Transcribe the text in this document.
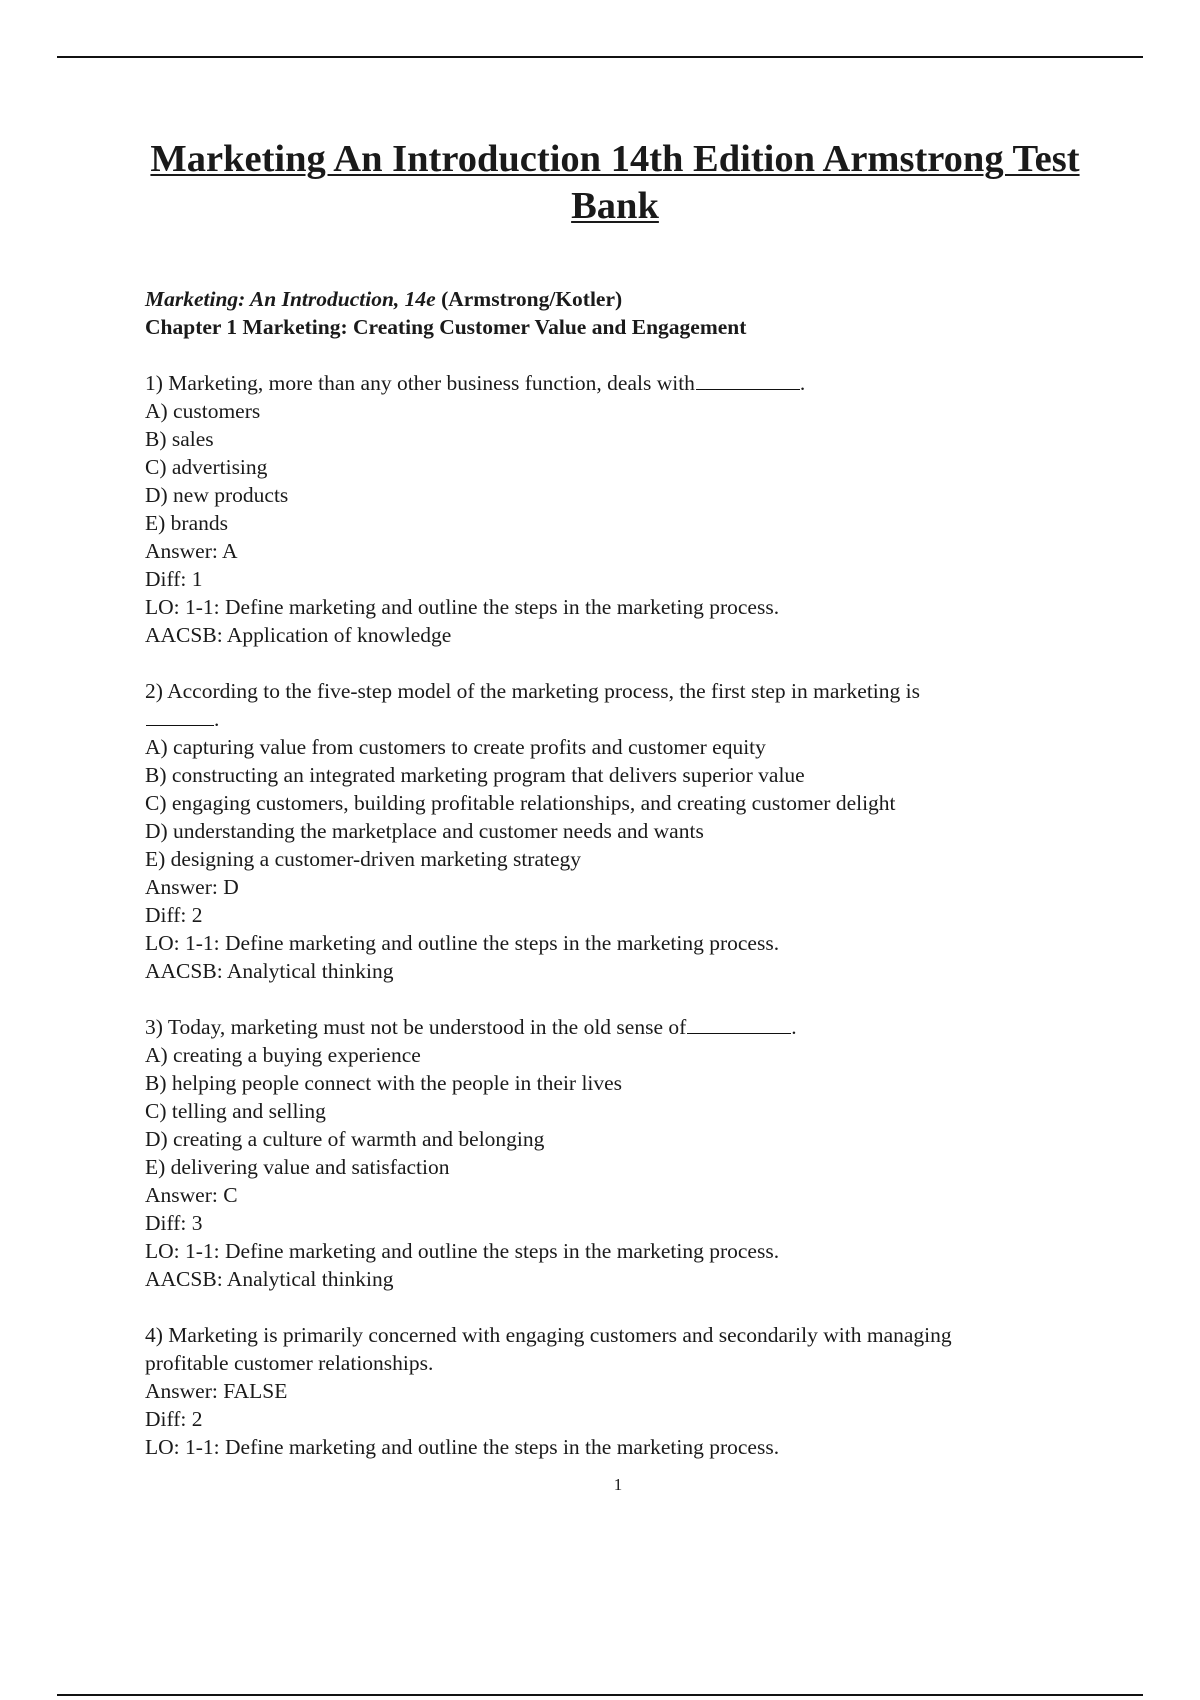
Marketing An Introduction 14th Edition Armstrong Test Bank
Marketing: An Introduction, 14e (Armstrong/Kotler)
Chapter 1 Marketing: Creating Customer Value and Engagement
1) Marketing, more than any other business function, deals with	.
A) customers
B) sales
C) advertising
D) new products
E) brands
Answer: A
Diff: 1
LO: 1-1: Define marketing and outline the steps in the marketing process.
AACSB: Application of knowledge
2) According to the five-step model of the marketing process, the first step in marketing is
.
A) capturing value from customers to create profits and customer equity
B) constructing an integrated marketing program that delivers superior value
C) engaging customers, building profitable relationships, and creating customer delight
D) understanding the marketplace and customer needs and wants
E) designing a customer-driven marketing strategy
Answer: D
Diff: 2
LO: 1-1: Define marketing and outline the steps in the marketing process.
AACSB: Analytical thinking
3) Today, marketing must not be understood in the old sense of	.
A) creating a buying experience
B) helping people connect with the people in their lives
C) telling and selling
D) creating a culture of warmth and belonging
E) delivering value and satisfaction
Answer: C
Diff: 3
LO: 1-1: Define marketing and outline the steps in the marketing process.
AACSB: Analytical thinking
4) Marketing is primarily concerned with engaging customers and secondarily with managing
profitable customer relationships.
Answer: FALSE
Diff: 2
LO: 1-1: Define marketing and outline the steps in the marketing process.
1
